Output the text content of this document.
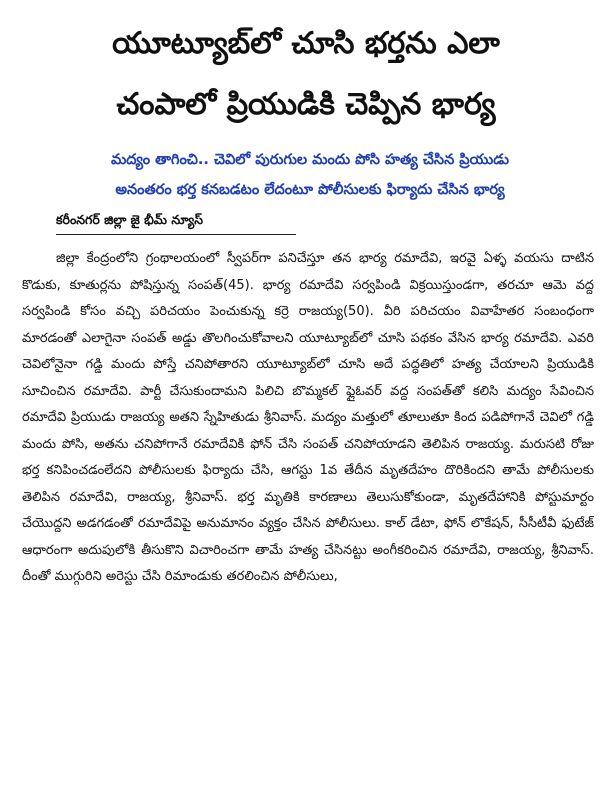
యూట్యూబ్‌లో చూసి భర్తను ఎలా
చంపాలో ప్రియుడికి చెప్పిన భార్య
మద్యం తాగించి.. చెవిలో పురుగుల మందు పోసి హత్య చేసిన ప్రియుడు
అనంతరం భర్త కనబడటం లేదంటూ పోలీసులకు ఫిర్యాదు చేసిన భార్య
కరీంనగర్ జిల్లా జై భీమ్ న్యూస్

జిల్లా కేంద్రంలోని గ్రంథాలయంలో స్వీపర్‌గా పనిచేస్తూ తన భార్య రమాదేవి, ఇరవై ఏళ్ళ వయసు దాటిన కొడుకు, కూతుర్లను పోషిస్తున్న సంపత్(45). భార్య రమాదేవి సర్వపిండి విక్రయిస్తుండగా, తరచూ ఆమె వద్ద సర్వపిండి కోసం వచ్చి పరిచయం పెంచుకున్న కర్రె రాజయ్య(50). వీరి పరిచయం వివాహేతర సంబంధంగా మారడంతో ఎలాగైనా సంపత్ అడ్డు తొలగించుకోవాలని యూట్యూబ్‌లో చూసి పథకం వేసిన భార్య రమాదేవి. ఎవరి చెవిలోనైనా గడ్డి మందు పోస్తే చనిపోతారని యూట్యూబ్‌లో చూసి అదే పద్ధతిలో హత్య చేయాలని ప్రియుడికి సూచించిన రమాదేవి. పార్టీ చేసుకుందామని పిలిచి బొమ్మకల్ ఫ్లైఓవర్ వద్ద సంపత్‌తో కలిసి మద్యం సేవించిన రమాదేవి ప్రియుడు రాజయ్య అతని స్నేహితుడు శ్రీనివాస్. మద్యం మత్తులో తూలుతూ కింద పడిపోగానే చెవిలో గడ్డి మందు పోసి, అతను చనిపోగానే రమాదేవికి ఫోన్ చేసి సంపత్ చనిపోయాడని తెలిపిన రాజయ్య. మరుసటి రోజు భర్త కనిపించడంలేదని పోలీసులకు ఫిర్యాదు చేసి, ఆగస్టు 1వ తేదీన మృతదేహం దొరికిందని తామే పోలీసులకు తెలిపిన రమాదేవి, రాజయ్య, శ్రీనివాస్. భర్త మృతికి కారణాలు తెలుసుకోకుండా, మృతదేహానికి పోస్టుమార్టం చేయొద్దని అడగడంతో రమాదేవిపై అనుమానం వ్యక్తం చేసిన పోలీసులు. కాల్ డేటా, ఫోన్ లొకేషన్, సీసీటీవీ ఫుటేజ్ ఆధారంగా అదుపులోకి తీసుకొని విచారించగా తామే హత్య చేసినట్టు అంగీకరించిన రమాదేవి, రాజయ్య, శ్రీనివాస్. దీంతో ముగ్గురిని అరెస్టు చేసి రిమాండుకు తరలించిన పోలీసులు,
